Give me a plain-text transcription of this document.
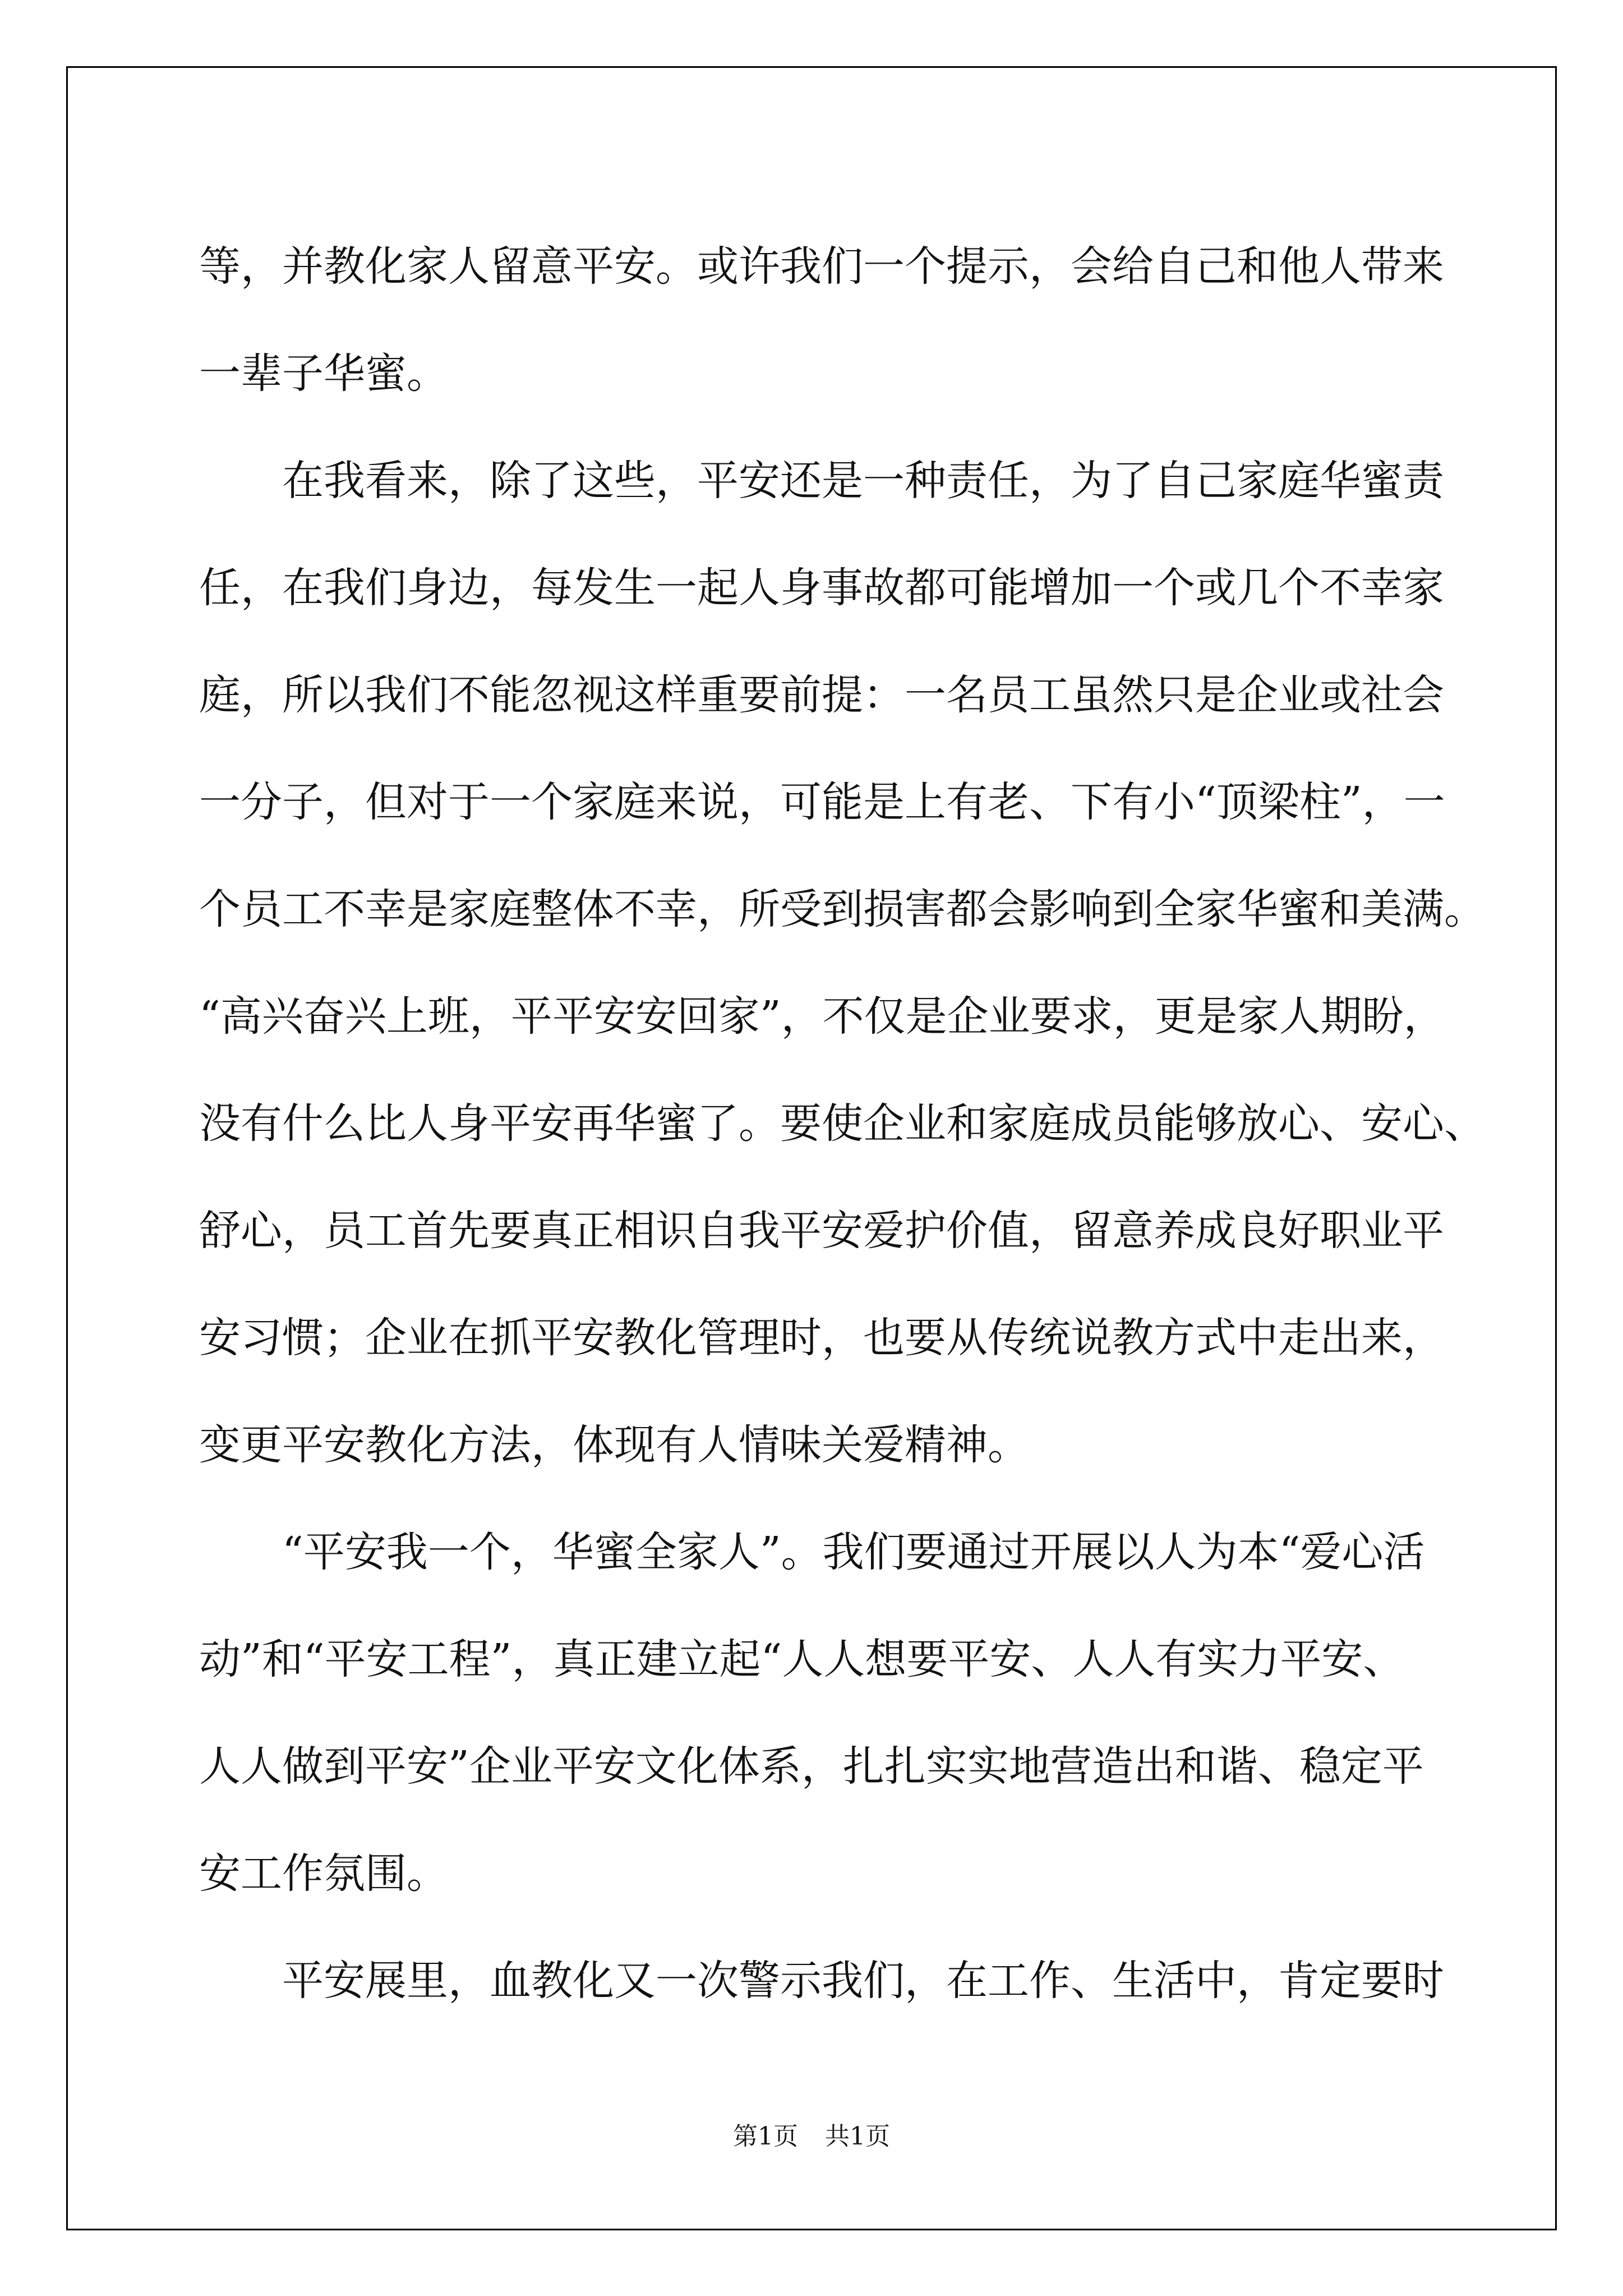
等，并教化家人留意平安。或许我们一个提示，会给自己和他人带来
一辈子华蜜。
在我看来，除了这些，平安还是一种责任，为了自己家庭华蜜责
任，在我们身边，每发生一起人身事故都可能增加一个或几个不幸家
庭，所以我们不能忽视这样重要前提：一名员工虽然只是企业或社会
一分子，但对于一个家庭来说，可能是上有老、下有小“顶梁柱”，一
个员工不幸是家庭整体不幸，所受到损害都会影响到全家华蜜和美满。
“高兴奋兴上班，平平安安回家”，不仅是企业要求，更是家人期盼，
没有什么比人身平安再华蜜了。要使企业和家庭成员能够放心、安心、
舒心，员工首先要真正相识自我平安爱护价值，留意养成良好职业平
安习惯；企业在抓平安教化管理时，也要从传统说教方式中走出来，
变更平安教化方法，体现有人情味关爱精神。
“平安我一个，华蜜全家人”。我们要通过开展以人为本“爱心活
动”和“平安工程”，真正建立起“人人想要平安、人人有实力平安、
人人做到平安”企业平安文化体系，扎扎实实地营造出和谐、稳定平
安工作氛围。
平安展里，血教化又一次警示我们，在工作、生活中，肯定要时
第1页 共1页
